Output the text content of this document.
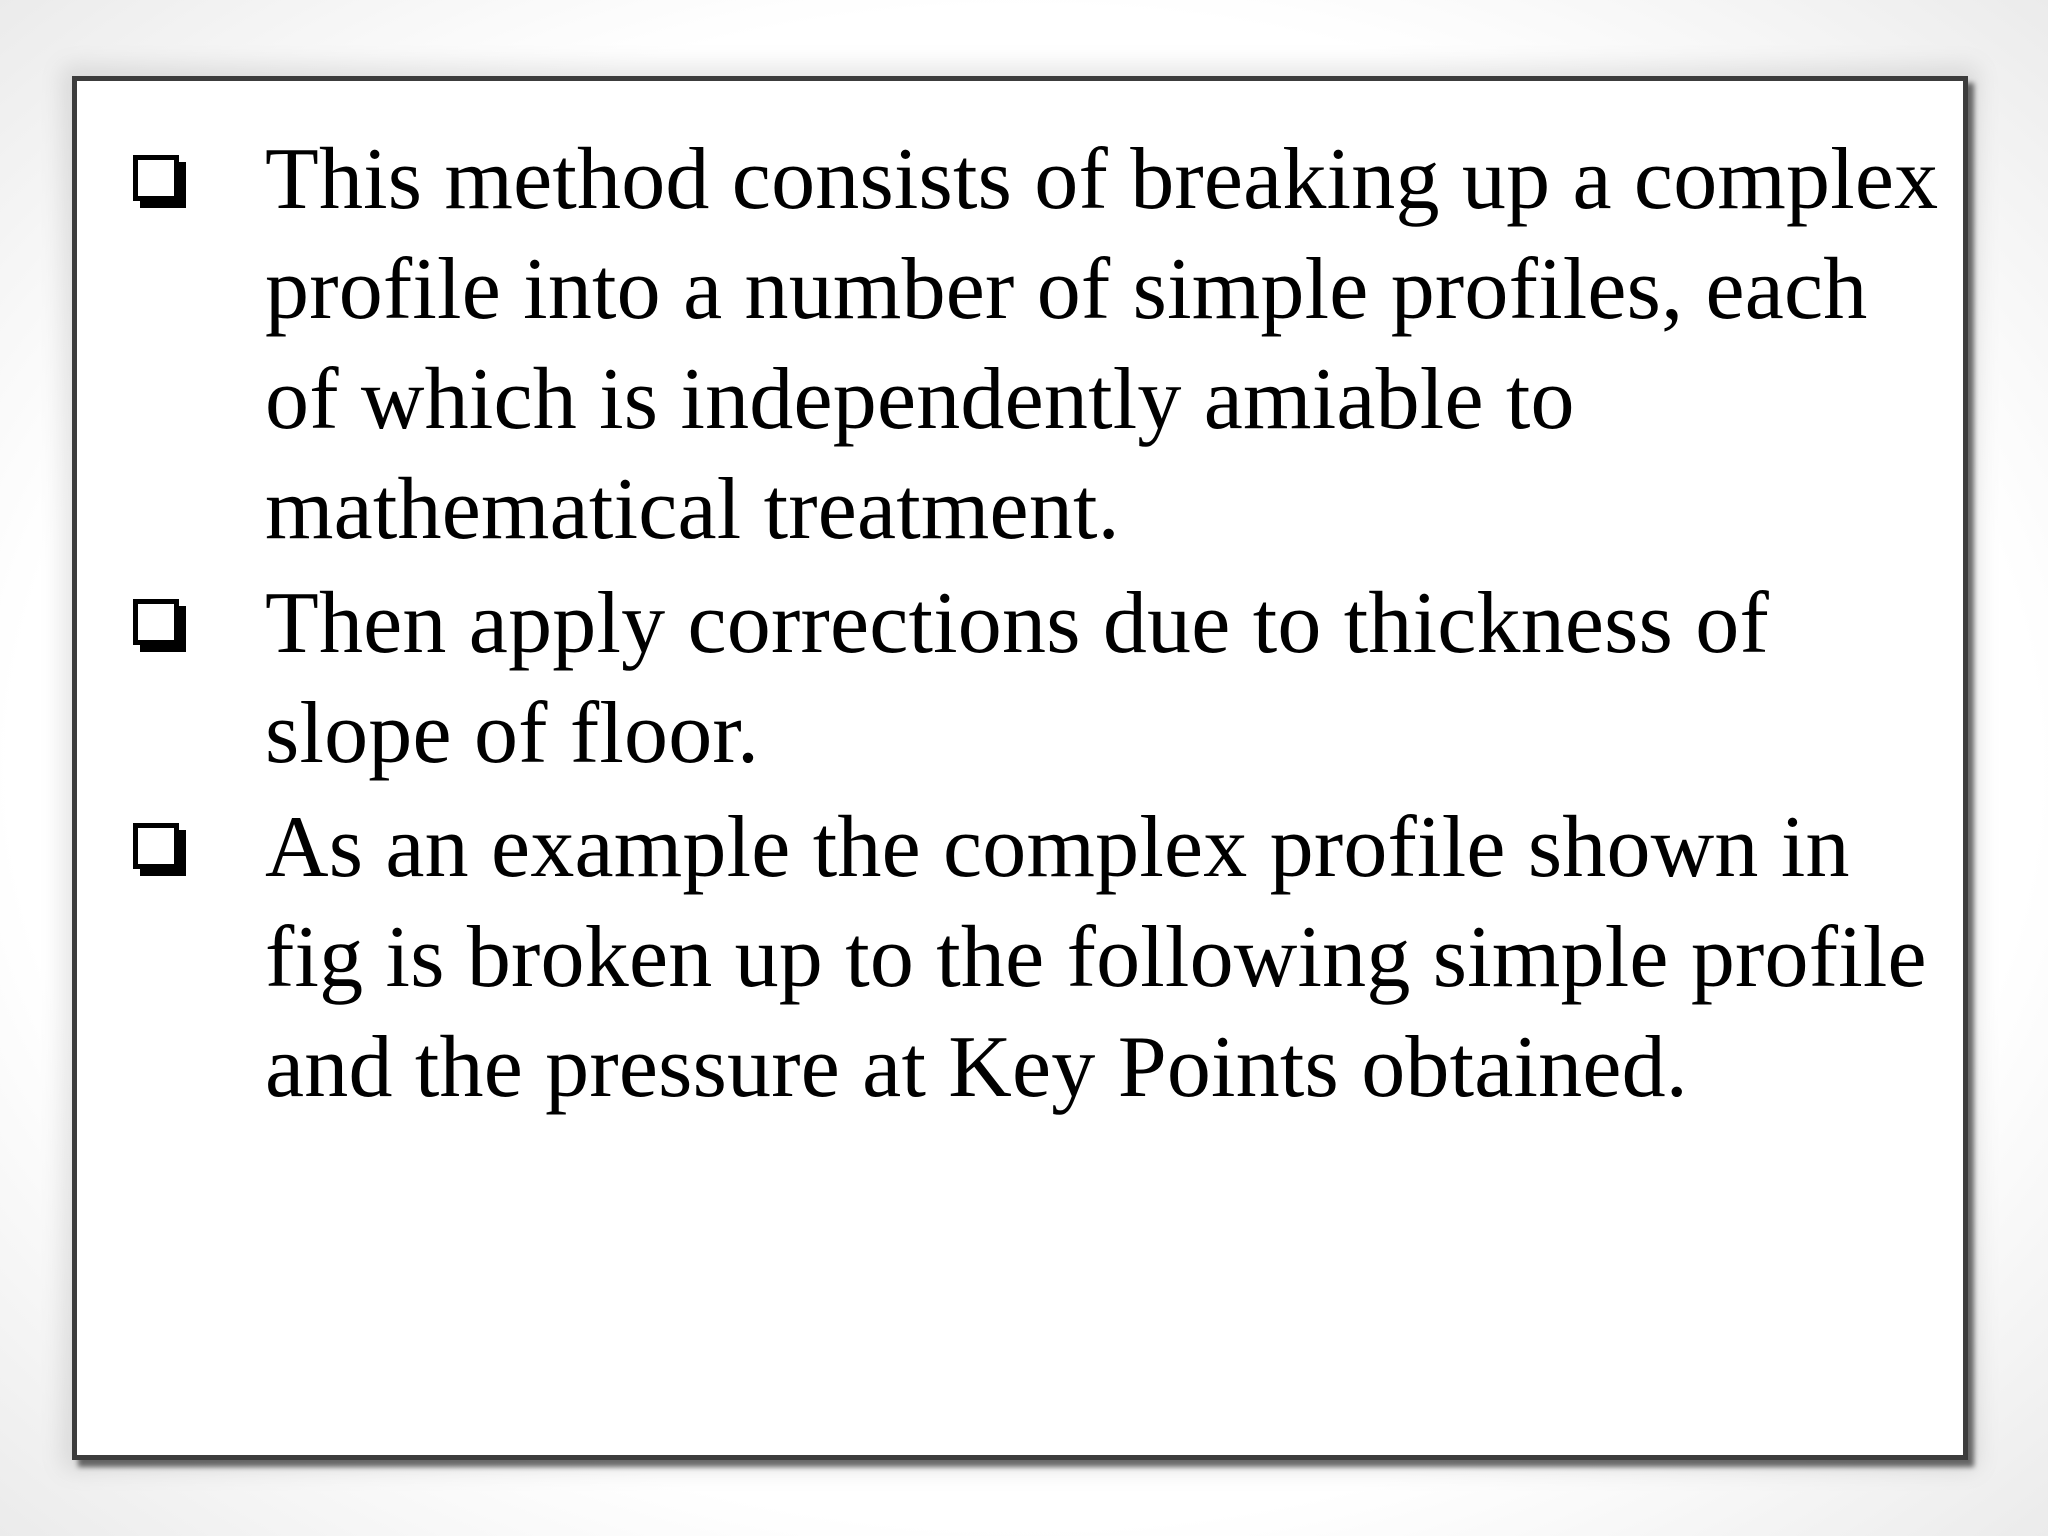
This method consists of breaking up a complex profile into a number of simple profiles, each of which is independently amiable to mathematical treatment.
Then apply corrections due to thickness of slope of floor.
As an example the complex profile shown in fig is broken up to the following simple profile and the pressure at Key Points obtained.
